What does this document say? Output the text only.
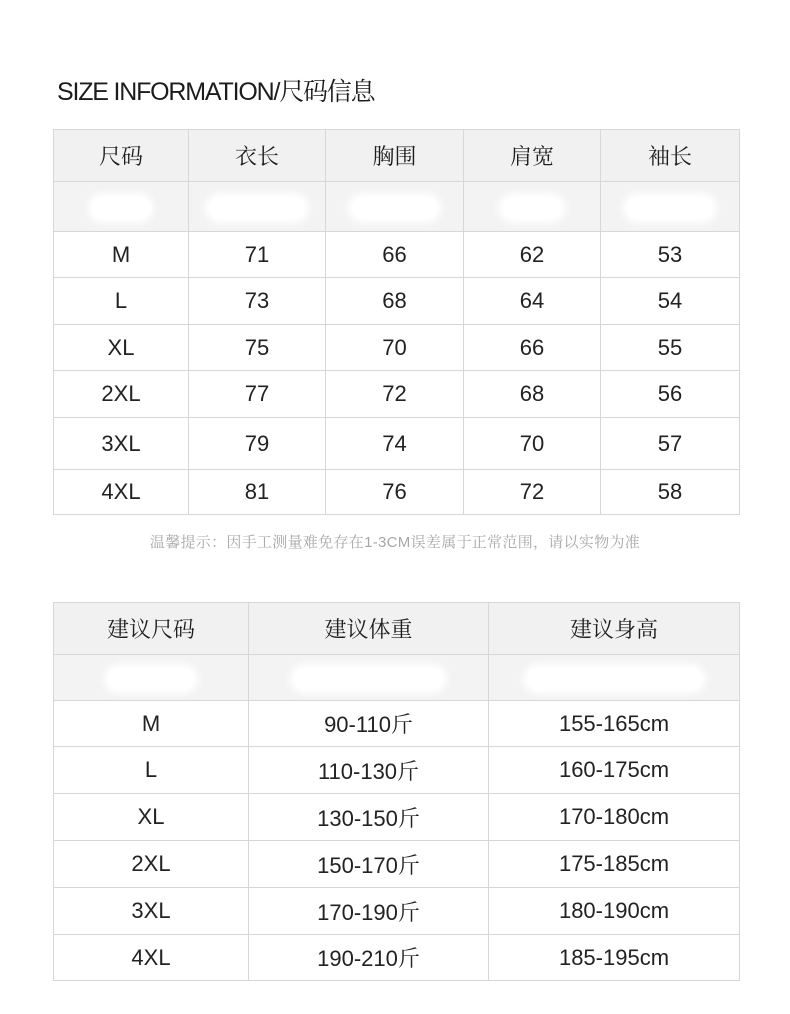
SIZE INFORMATION/尺码信息
尺码	衣长	胸围	肩宽	袖长

M	71	66	62	53
L	73	68	64	54
XL	75	70	66	55
2XL	77	72	68	56
3XL	79	74	70	57
4XL	81	76	72	58
温馨提示：因手工测量难免存在1-3CM误差属于正常范围，请以实物为准
建议尺码	建议体重	建议身高

M	90-110斤	155-165cm
L	110-130斤	160-175cm
XL	130-150斤	170-180cm
2XL	150-170斤	175-185cm
3XL	170-190斤	180-190cm
4XL	190-210斤	185-195cm
